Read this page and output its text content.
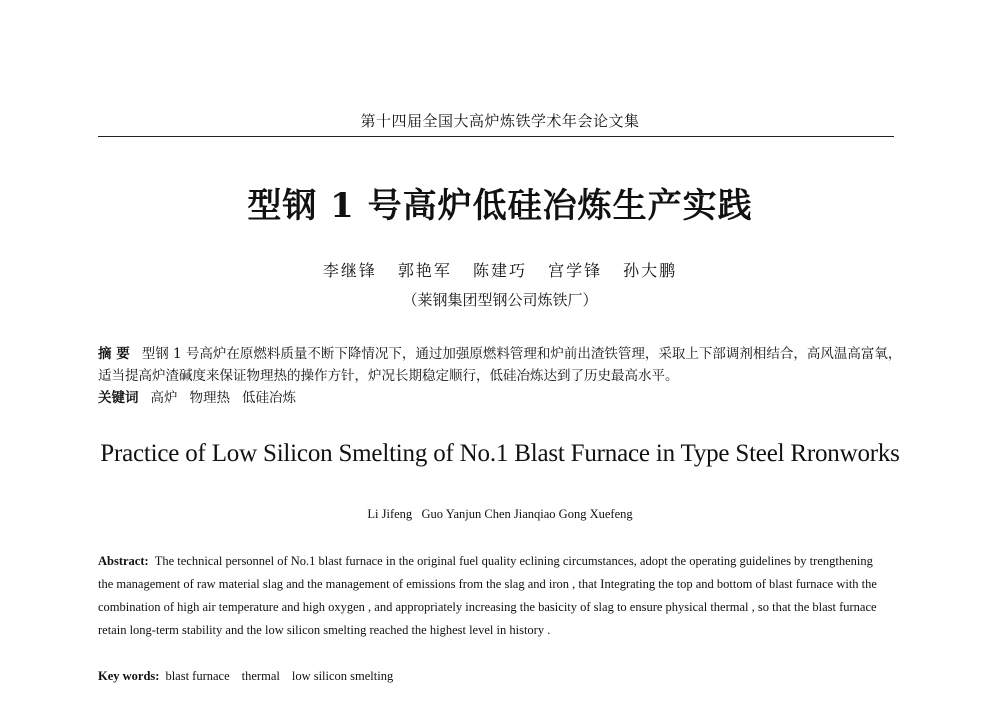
第十四届全国大高炉炼铁学术年会论文集
型钢 1 号高炉低硅冶炼生产实践
李继锋 郭艳军 陈建巧 宫学锋 孙大鹏
（莱钢集团型钢公司炼铁厂）
摘 要 型钢 1 号高炉在原燃料质量不断下降情况下，通过加强原燃料管理和炉前出渣铁管理，采取上下部调剂相结合，高风温高富氧，适当提高炉渣碱度来保证物理热的操作方针，炉况长期稳定顺行，低硅冶炼达到了历史最高水平。
关键词 高炉 物理热 低硅冶炼
Practice of Low Silicon Smelting of No.1 Blast Furnace in Type Steel Rronworks
Li Jifeng   Guo Yanjun Chen Jianqiao Gong Xuefeng
Abstract: The technical personnel of No.1 blast furnace in the original fuel quality eclining circumstances, adopt the operating guidelines by trengthening the management of raw material slag and the management of emissions from the slag and iron , that Integrating the top and bottom of blast furnace with the combination of high air temperature and high oxygen , and appropriately increasing the basicity of slag to ensure physical thermal , so that the blast furnace retain long-term stability and the low silicon smelting reached the highest level in history .
Key words: blast furnace thermal low silicon smelting
